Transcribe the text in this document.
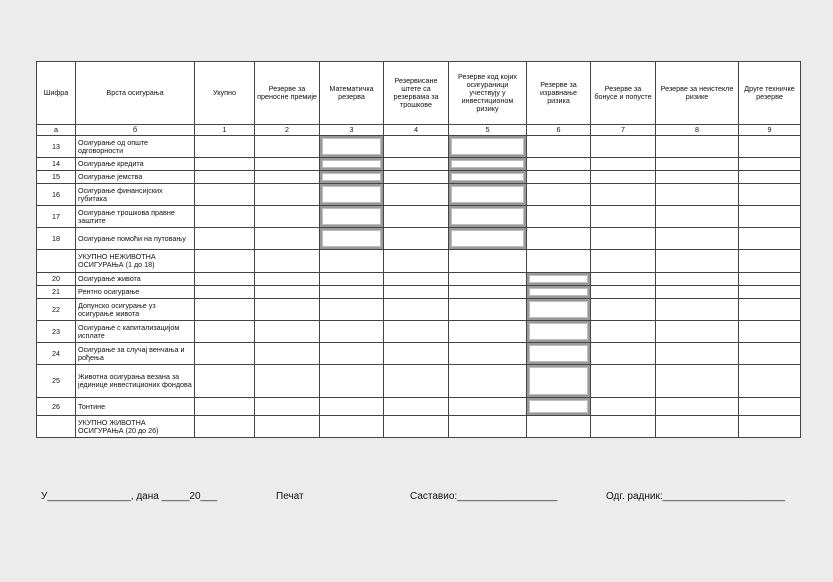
Шифра	Врста осигурања	Укупно	Резерве за преносне премије	Математичка резерва	Резервисане штете са резервама за трошкове	Резерве код којих осигураници учествују у инвестиционом ризику	Резерве за изравнање ризика	Резерве за бонусе и попусте	Резерве за неистекле ризике	Друге техничке резерве
а	б	1	2	3	4	5	6	7	8	9
13	Осигурање од опште одговорности									
14	Осигурање кредита									
15	Осигурање јемства									
16	Осигурање финансијских губитака									
17	Осигурање трошкова правне заштите									
18	Осигурање помоћи на путовању									
	УКУПНО НЕЖИВОТНА ОСИГУРАЊА (1 до 18)									
20	Осигурање живота									
21	Рентно осигурање									
22	Допунско осигурање уз осигурање живота									
23	Осигурање с капитализацијом исплате									
24	Осигурање за случај венчања и рођења									
25	Животна осигурања везана за јединице инвестиционих фондова									
26	Тонтине									
	УКУПНО ЖИВОТНА ОСИГУРАЊА (20 до 26)									
У_______________, дана _____20___	Печат	Саставио:__________________	Одг. радник:______________________
